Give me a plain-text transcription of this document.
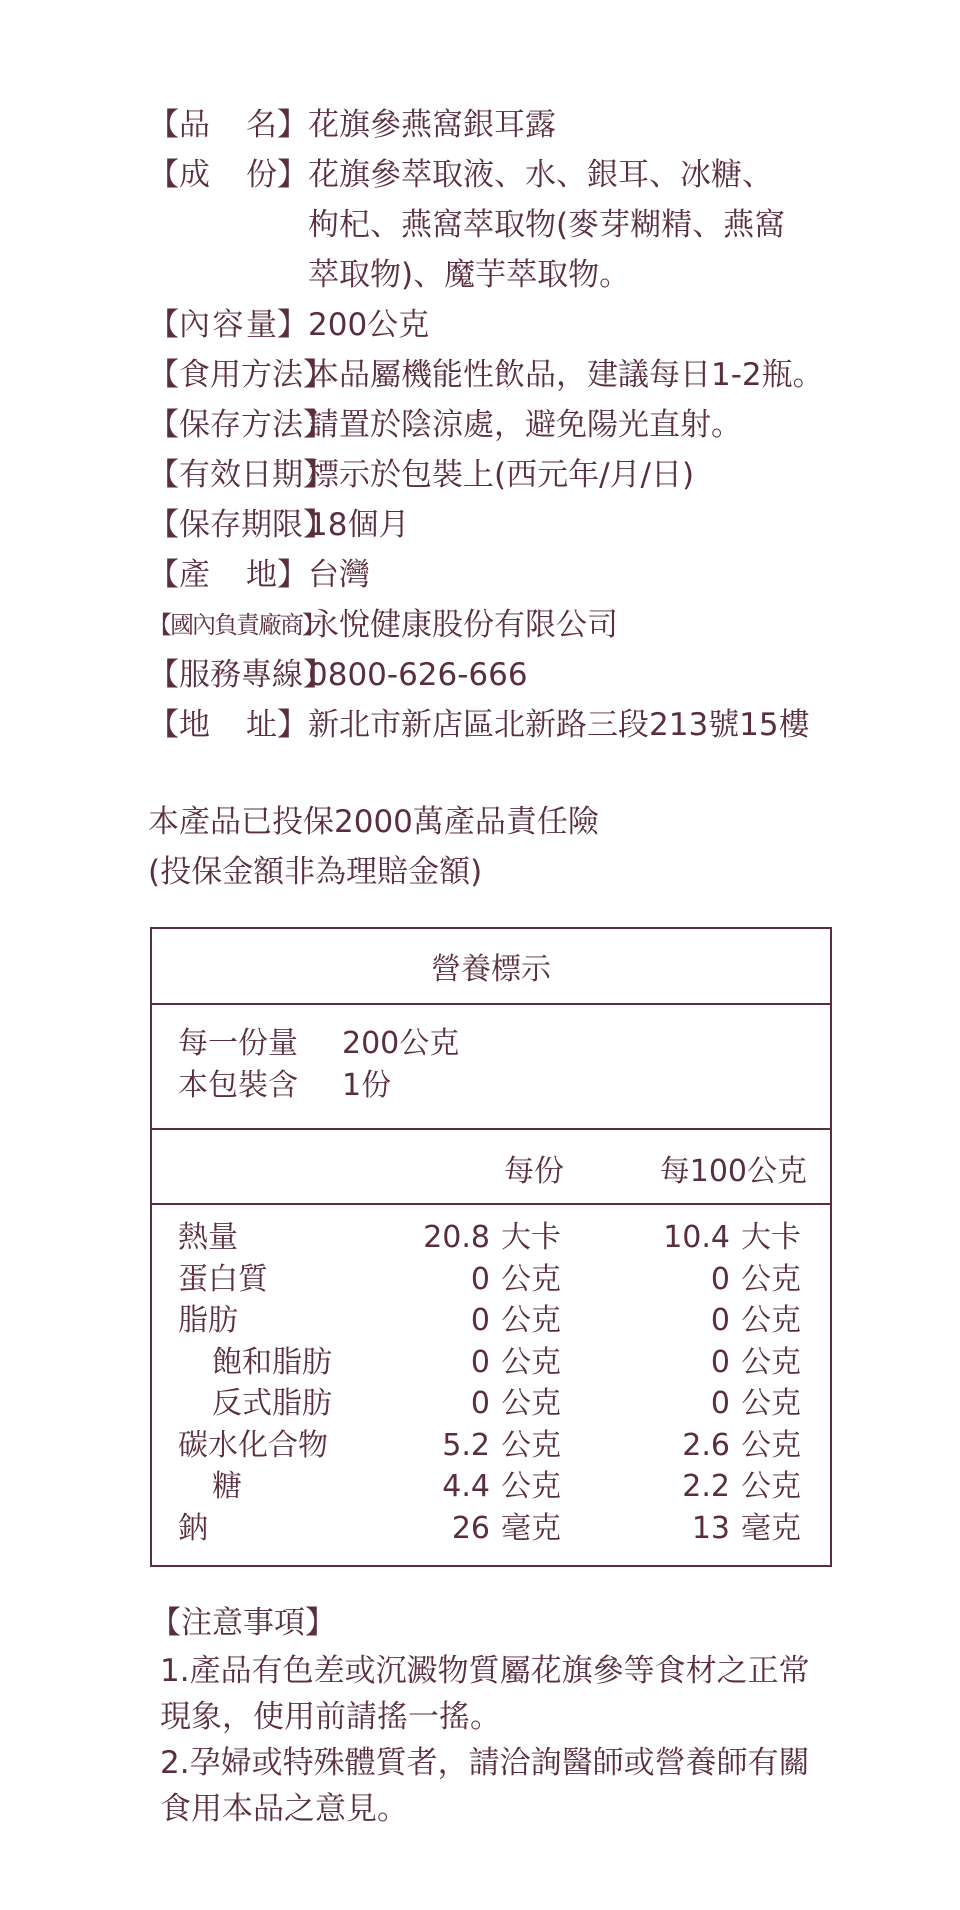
【品 名】 花旗參燕窩銀耳露
【成 份】 花旗參萃取液、水、銀耳、冰糖、
枸杞、燕窩萃取物(麥芽糊精、燕窩
萃取物)、魔芋萃取物。
【內 容 量】 200公克
【食用方法】
本品屬機能性飲品，建議每日1-2瓶。
【保存方法】
請置於陰涼處，避免陽光直射。
【有效日期】
標示於包裝上(西元年/月/日)
【保存期限】
18個月
【產 地】 台灣
【國內負責廠商】
永悅健康股份有限公司
【服務專線】
0800-626-666
【地 址】 新北市新店區北新路三段213號15樓
本產品已投保2000萬產品責任險
(投保金額非為理賠金額)
營養標示
每一份量	200公克
本包裝含	1份
每份	每100公克
熱量	20.8 大卡	10.4 大卡
蛋白質	0 公克	0 公克
脂肪	0 公克	0 公克
飽和脂肪	0 公克	0 公克
反式脂肪	0 公克	0 公克
碳水化合物	5.2 公克	2.6 公克
糖	4.4 公克	2.2 公克
鈉	26 毫克	13 毫克
【注意事項】
1.產品有色差或沉澱物質屬花旗參等食材之正常
現象，使用前請搖一搖。
2.孕婦或特殊體質者，請洽詢醫師或營養師有關
食用本品之意見。
